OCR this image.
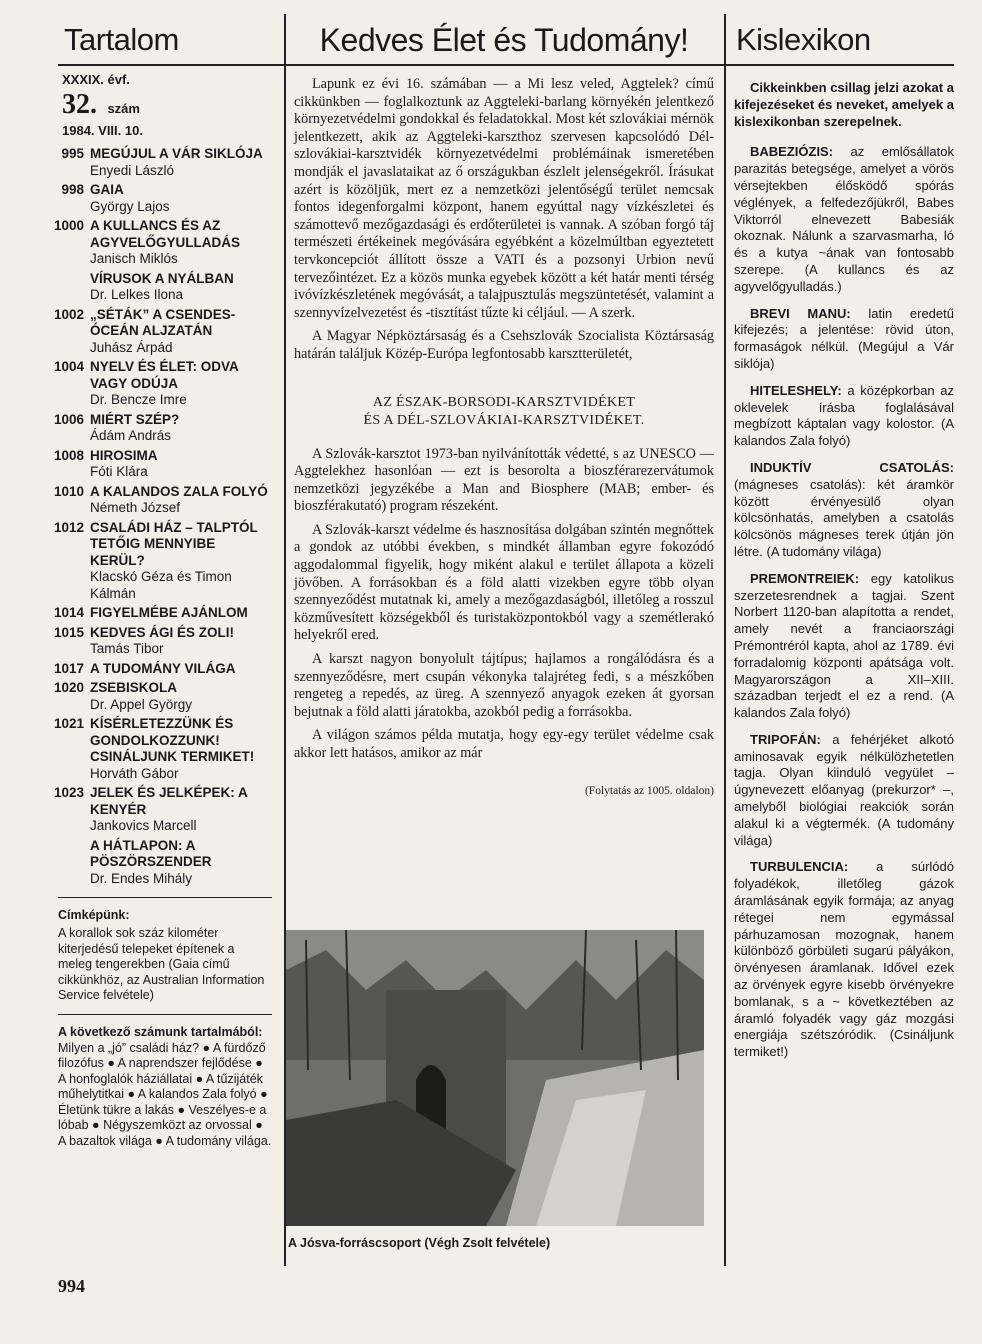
Tartalom
XXXIX. évf.
32. szám
1984. VIII. 10.
995 MEGÚJUL A VÁR SIKLÓJA
Enyedi László
998 GAIA
György Lajos
1000 A KULLANCS ÉS AZ AGYVELŐGYULLADÁS
Janisch Miklós
VÍRUSOK A NYÁLBAN
Dr. Lelkes Ilona
1002 „SÉTÁK” A CSENDES-ÓCEÁN ALJZATÁN
Juhász Árpád
1004 NYELV ÉS ÉLET: ODVA VAGY ODÚJA
Dr. Bencze Imre
1006 MIÉRT SZÉP?
Ádám András
1008 HIROSIMA
Fóti Klára
1010 A KALANDOS ZALA FOLYÓ
Németh József
1012 CSALÁDI HÁZ – TALPTÓL TETŐIG MENNYIBE KERÜL?
Klacskó Géza és Timon Kálmán
1014 FIGYELMÉBE AJÁNLOM
1015 KEDVES ÁGI ÉS ZOLI!
Tamás Tibor
1017 A TUDOMÁNY VILÁGA
1020 ZSEBISKOLA
Dr. Appel György
1021 KÍSÉRLETEZZÜNK ÉS GONDOLKOZZUNK! CSINÁLJUNK TERMIKET!
Horváth Gábor
1023 JELEK ÉS JELKÉPEK: A KENYÉR
Jankovics Marcell
A HÁTLAPON: A PÖSZÖRSZENDER
Dr. Endes Mihály
Címképünk:
A korallok sok száz kilométer kiterjedésű telepeket építenek a meleg tengerekben (Gaia című cikkünkhöz, az Australian Information Service felvétele)
A következő számunk tartalmából:
Milyen a „jó” családi ház? ● A fürdőző filozófus ● A naprendszer fejlődése ● A honfoglalók háziállatai ● A tűzijáték műhelytitkai ● A kalandos Zala folyó ● Életünk tükre a lakás ● Veszélyes-e a lóbab ● Négyszemközt az orvossal ● A bazaltok világa ● A tudomány világa.
994
Kedves Élet és Tudomány!

Lapunk ez évi 16. számában — a Mi lesz veled, Aggtelek? című cikkünkben — foglalkoztunk az Aggteleki-barlang környékén jelentkező környezetvédelmi gondokkal és feladatokkal. Most két szlovákiai mérnök jelentkezett, akik az Aggteleki-karszthoz szervesen kapcsolódó Dél-szlovákiai-karsztvidék környezetvédelmi problémáinak ismeretében mondják el javaslataikat az ő országukban észlelt jelenségekről. Írásukat azért is közöljük, mert ez a nemzetközi jelentőségű terület nemcsak fontos idegenforgalmi központ, hanem egyúttal nagy vízkészletei és számottevő mezőgazdasági és erdőterületei is vannak. A szóban forgó táj természeti értékeinek megóvására egyébként a közelmúltban egyeztetett tervkoncepciót állított össze a VATI és a pozsonyi Urbion nevű tervezőintézet. Ez a közös munka egyebek között a két határ menti térség ivóvízkészletének megóvását, a talajpusztulás megszüntetését, valamint a szennyvízelvezetést és -tisztítást tűzte ki céljául. — A szerk.

A Magyar Népköztársaság és a Csehszlovák Szocialista Köztársaság határán találjuk Közép-Európa legfontosabb karsztterületét,

AZ ÉSZAK-BORSODI-KARSZTVIDÉKET
ÉS A DÉL-SZLOVÁKIAI-KARSZTVIDÉKET.

A Szlovák-karsztot 1973-ban nyilvánították védetté, s az UNESCO — Aggtelekhez hasonlóan — ezt is besorolta a bioszférarezervátumok nemzetközi jegyzékébe a Man and Biosphere (MAB; ember- és bioszférakutató) program részeként.

A Szlovák-karszt védelme és hasznosítása dolgában szintén megnőttek a gondok az utóbbi években, s mindkét államban egyre fokozódó aggodalommal figyelik, hogy miként alakul e terület állapota a közeli jövőben. A forrásokban és a föld alatti vizekben egyre több olyan szennyeződést mutatnak ki, amely a mezőgazdaságból, illetőleg a rosszul közművesített községekből és turistaközpontokból vagy a szemétlerakó helyekről ered.

A karszt nagyon bonyolult tájtípus; hajlamos a rongálódásra és a szennyeződésre, mert csupán vékonyka talajréteg fedi, s a mészkőben rengeteg a repedés, az üreg. A szennyező anyagok ezeken át gyorsan bejutnak a föld alatti járatokba, azokból pedig a forrásokba.

A világon számos példa mutatja, hogy egy-egy terület védelme csak akkor lett hatásos, amikor az már

(Folytatás az 1005. oldalon)
A Jósva-forráscsoport (Végh Zsolt felvétele)
Kislexikon

Cikkeinkben csillag jelzi azokat a kifejezéseket és neveket, amelyek a kislexikonban szerepelnek.

BABEZIÓZIS: az emlősállatok parazitás betegsége, amelyet a vörös vérsejtekben élősködő spórás véglények, a felfedezőjükről, Babes Viktorról elnevezett Babesiák okoznak. Nálunk a szarvasmarha, ló és a kutya ~ának van fontosabb szerepe. (A kullancs és az agyvelőgyulladás.)

BREVI MANU: latin eredetű kifejezés; a jelentése: rövid úton, formaságok nélkül. (Megújul a Vár siklója)

HITELESHELY: a középkorban az oklevelek írásba foglalásával megbízott káptalan vagy kolostor. (A kalandos Zala folyó)

INDUKTÍV CSATOLÁS: (mágneses csatolás): két áramkör között érvényesülő olyan kölcsönhatás, amelyben a csatolás kölcsönös mágneses terek útján jön létre. (A tudomány világa)

PREMONTREIEK: egy katolikus szerzetesrendnek a tagjai. Szent Norbert 1120-ban alapította a rendet, amely nevét a franciaországi Prémontréról kapta, ahol az 1789. évi forradalomig központi apátsága volt. Magyarországon a XII–XIII. században terjedt el ez a rend. (A kalandos Zala folyó)

TRIPOFÁN: a fehérjéket alkotó aminosavak egyik nélkülözhetetlen tagja. Olyan kiinduló vegyület – úgynevezett előanyag (prekurzor* –, amelyből biológiai reakciók során alakul ki a végtermék. (A tudomány világa)

TURBULENCIA: a súrlódó folyadékok, illetőleg gázok áramlásának egyik formája; az anyag rétegei nem egymással párhuzamosan mozognak, hanem különböző görbületi sugarú pályákon, örvényesen áramlanak. Idővel ezek az örvények egyre kisebb örvényekre bomlanak, s a ~ következtében az áramló folyadék vagy gáz mozgási energiája szétszóródik. (Csináljunk termiket!)
